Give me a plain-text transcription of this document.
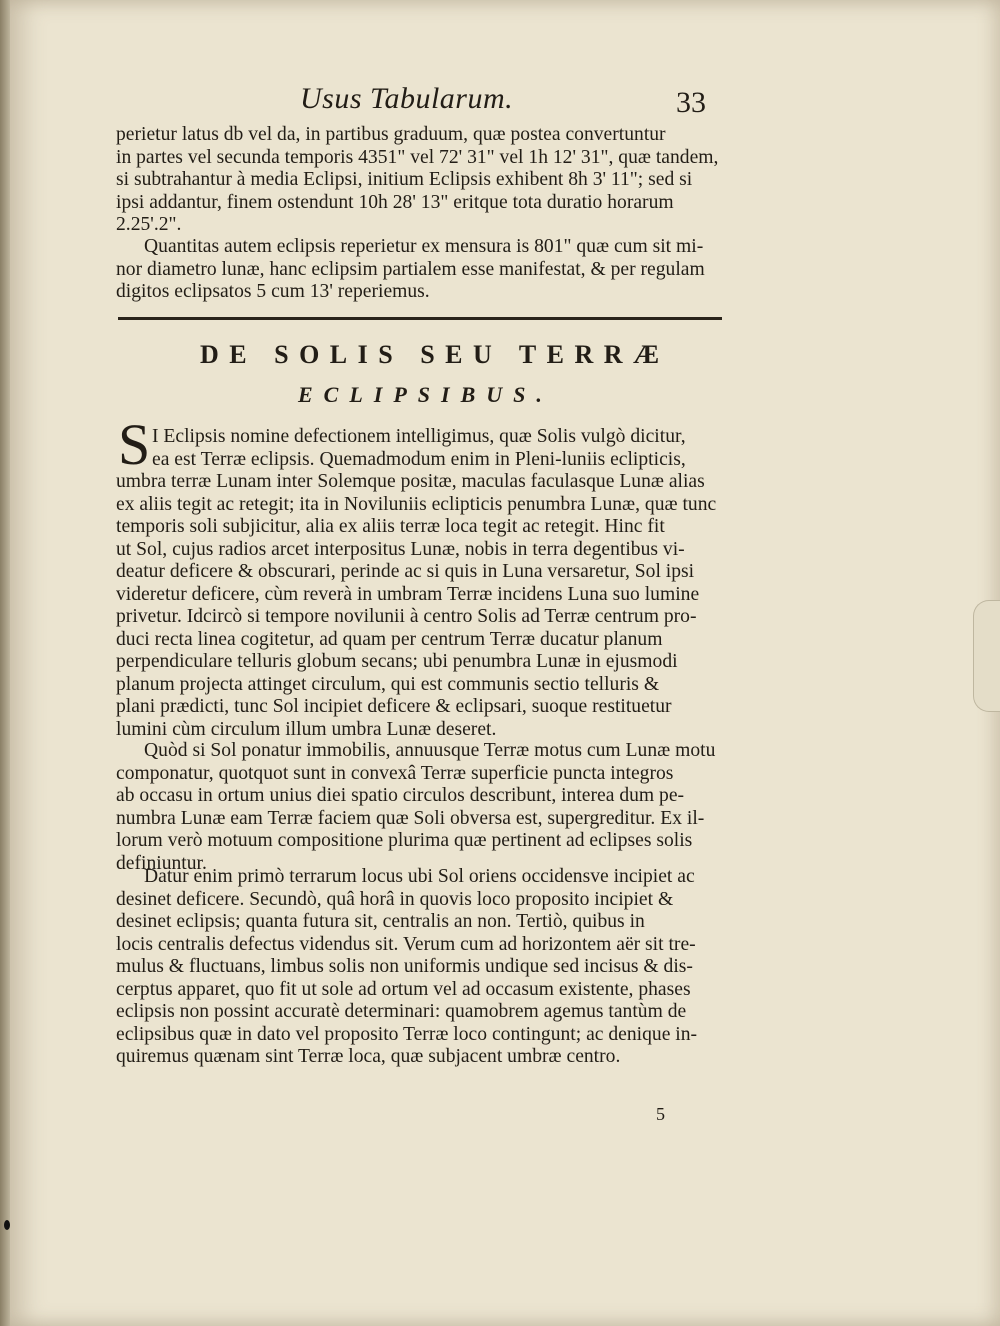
Usus Tabularum.	33
perietur latus db vel da, in partibus graduum, quæ postea convertuntur
in partes vel secunda temporis 4351" vel 72' 31" vel 1h 12' 31", quæ tandem,
si subtrahantur à media Eclipsi, initium Eclipsis exhibent 8h 3' 11"; sed si
ipsi addantur, finem ostendunt 10h 28' 13" eritque tota duratio horarum
2.25'.2".
Quantitas autem eclipsis reperietur ex mensura is 801" quæ cum sit mi-
nor diametro lunæ, hanc eclipsim partialem esse manifestat, & per regulam
digitos eclipsatos 5 cum 13' reperiemus.
DE SOLIS SEU TERRÆ
ECLIPSIBUS.
S I Eclipsis nomine defectionem intelligimus, quæ Solis vulgò dicitur,
ea est Terræ eclipsis. Quemadmodum enim in Pleni-luniis eclipticis,
umbra terræ Lunam inter Solemque positæ, maculas faculasque Lunæ alias
ex aliis tegit ac retegit; ita in Noviluniis eclipticis penumbra Lunæ, quæ tunc
temporis soli subjicitur, alia ex aliis terræ loca tegit ac retegit. Hinc fit
ut Sol, cujus radios arcet interpositus Lunæ, nobis in terra degentibus vi-
deatur deficere & obscurari, perinde ac si quis in Luna versaretur, Sol ipsi
videretur deficere, cùm reverà in umbram Terræ incidens Luna suo lumine
privetur. Idcircò si tempore novilunii à centro Solis ad Terræ centrum pro-
duci recta linea cogitetur, ad quam per centrum Terræ ducatur planum
perpendiculare telluris globum secans; ubi penumbra Lunæ in ejusmodi
planum projecta attinget circulum, qui est communis sectio telluris &
plani prædicti, tunc Sol incipiet deficere & eclipsari, suoque restituetur
lumini cùm circulum illum umbra Lunæ deseret.
Quòd si Sol ponatur immobilis, annuusque Terræ motus cum Lunæ motu
componatur, quotquot sunt in convexâ Terræ superficie puncta integros
ab occasu in ortum unius diei spatio circulos describunt, interea dum pe-
numbra Lunæ eam Terræ faciem quæ Soli obversa est, supergreditur. Ex il-
lorum verò motuum compositione plurima quæ pertinent ad eclipses solis
definiuntur.
Datur enim primò terrarum locus ubi Sol oriens occidensve incipiet ac
desinet deficere. Secundò, quâ horâ in quovis loco proposito incipiet &
desinet eclipsis; quanta futura sit, centralis an non. Tertiò, quibus in
locis centralis defectus videndus sit. Verum cum ad horizontem aër sit tre-
mulus & fluctuans, limbus solis non uniformis undique sed incisus & dis-
cerptus apparet, quo fit ut sole ad ortum vel ad occasum existente, phases
eclipsis non possint accuratè determinari: quamobrem agemus tantùm de
eclipsibus quæ in dato vel proposito Terræ loco contingunt; ac denique in-
quiremus quænam sint Terræ loca, quæ subjacent umbræ centro.
5
